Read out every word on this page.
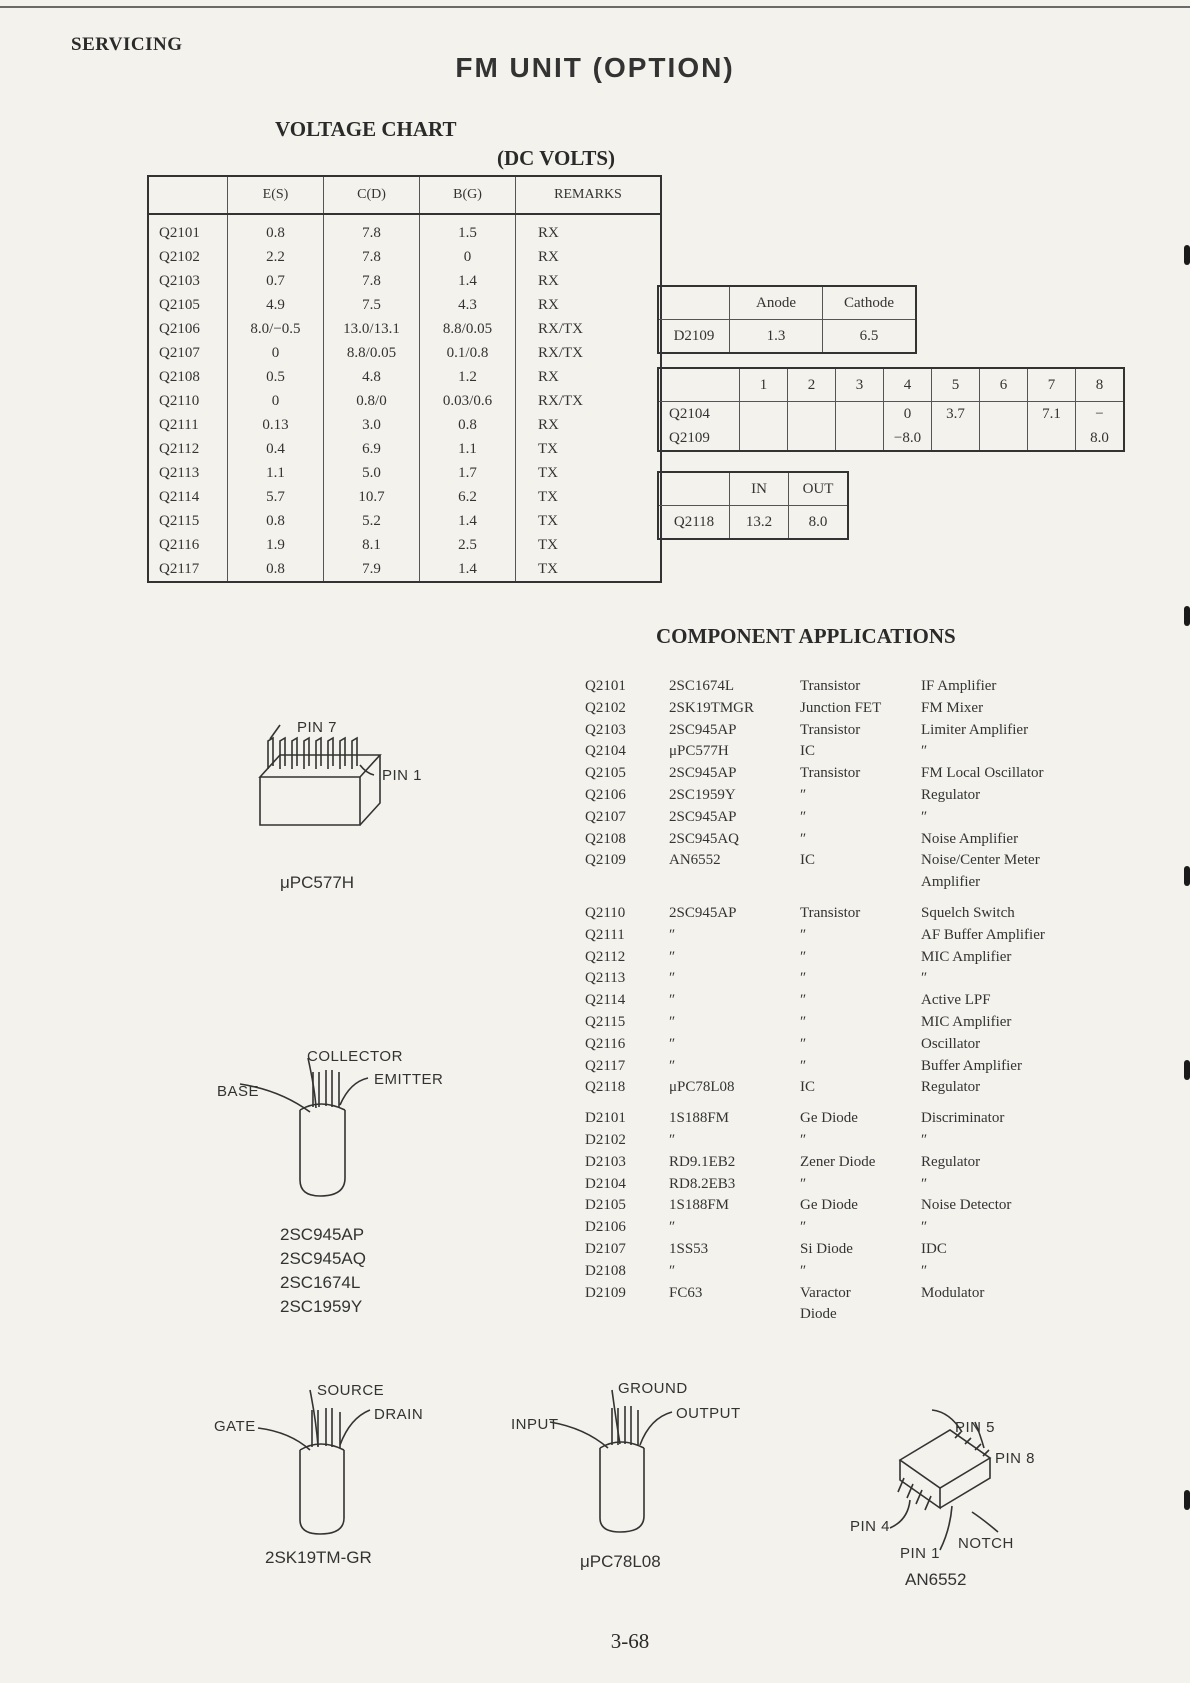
SERVICING
FM UNIT (OPTION)
VOLTAGE CHART
(DC VOLTS)
	E(S)	C(D)	B(G)	REMARKS
Q2101	0.8	7.8	1.5	RX
Q2102	2.2	7.8	0	RX
Q2103	0.7	7.8	1.4	RX
Q2105	4.9	7.5	4.3	RX
Q2106	8.0/−0.5	13.0/13.1	8.8/0.05	RX/TX
Q2107	0	8.8/0.05	0.1/0.8	RX/TX
Q2108	0.5	4.8	1.2	RX
Q2110	0	0.8/0	0.03/0.6	RX/TX
Q2111	0.13	3.0	0.8	RX
Q2112	0.4	6.9	1.1	TX
Q2113	1.1	5.0	1.7	TX
Q2114	5.7	10.7	6.2	TX
Q2115	0.8	5.2	1.4	TX
Q2116	1.9	8.1	2.5	TX
Q2117	0.8	7.9	1.4	TX
	Anode	Cathode
D2109	1.3	6.5
	1	2	3	4	5	6	7	8
Q2104				0	3.7		7.1	−
Q2109				−8.0				8.0
	IN	OUT
Q2118	13.2	8.0
COMPONENT APPLICATIONS
Q2101	2SC1674L	Transistor	IF Amplifier
Q2102	2SK19TMGR	Junction FET	FM Mixer
Q2103	2SC945AP	Transistor	Limiter Amplifier
Q2104	μPC577H	IC	″
Q2105	2SC945AP	Transistor	FM Local Oscillator
Q2106	2SC1959Y	″	Regulator
Q2107	2SC945AP	″	″
Q2108	2SC945AQ	″	Noise Amplifier
Q2109	AN6552	IC	Noise/Center Meter
Amplifier
Q2110	2SC945AP	Transistor	Squelch Switch
Q2111	″	″	AF Buffer Amplifier
Q2112	″	″	MIC Amplifier
Q2113	″	″	″
Q2114	″	″	Active LPF
Q2115	″	″	MIC Amplifier
Q2116	″	″	Oscillator
Q2117	″	″	Buffer Amplifier
Q2118	μPC78L08	IC	Regulator
D2101	1S188FM	Ge Diode	Discriminator
D2102	″	″	″
D2103	RD9.1EB2	Zener Diode	Regulator
D2104	RD8.2EB3	″	″
D2105	1S188FM	Ge Diode	Noise Detector
D2106	″	″	″
D2107	1SS53	Si Diode	IDC
D2108	″	″	″
D2109	FC63	Varactor	Modulator
Diode
PIN 7
PIN 1
μPC577H
COLLECTOR
EMITTER
BASE
2SC945AP
2SC945AQ
2SC1674L
2SC1959Y
SOURCE
DRAIN
GATE
2SK19TM-GR
GROUND
OUTPUT
INPUT
μPC78L08
PIN 5
PIN 8
PIN 4
PIN 1
NOTCH
AN6552
3-68
